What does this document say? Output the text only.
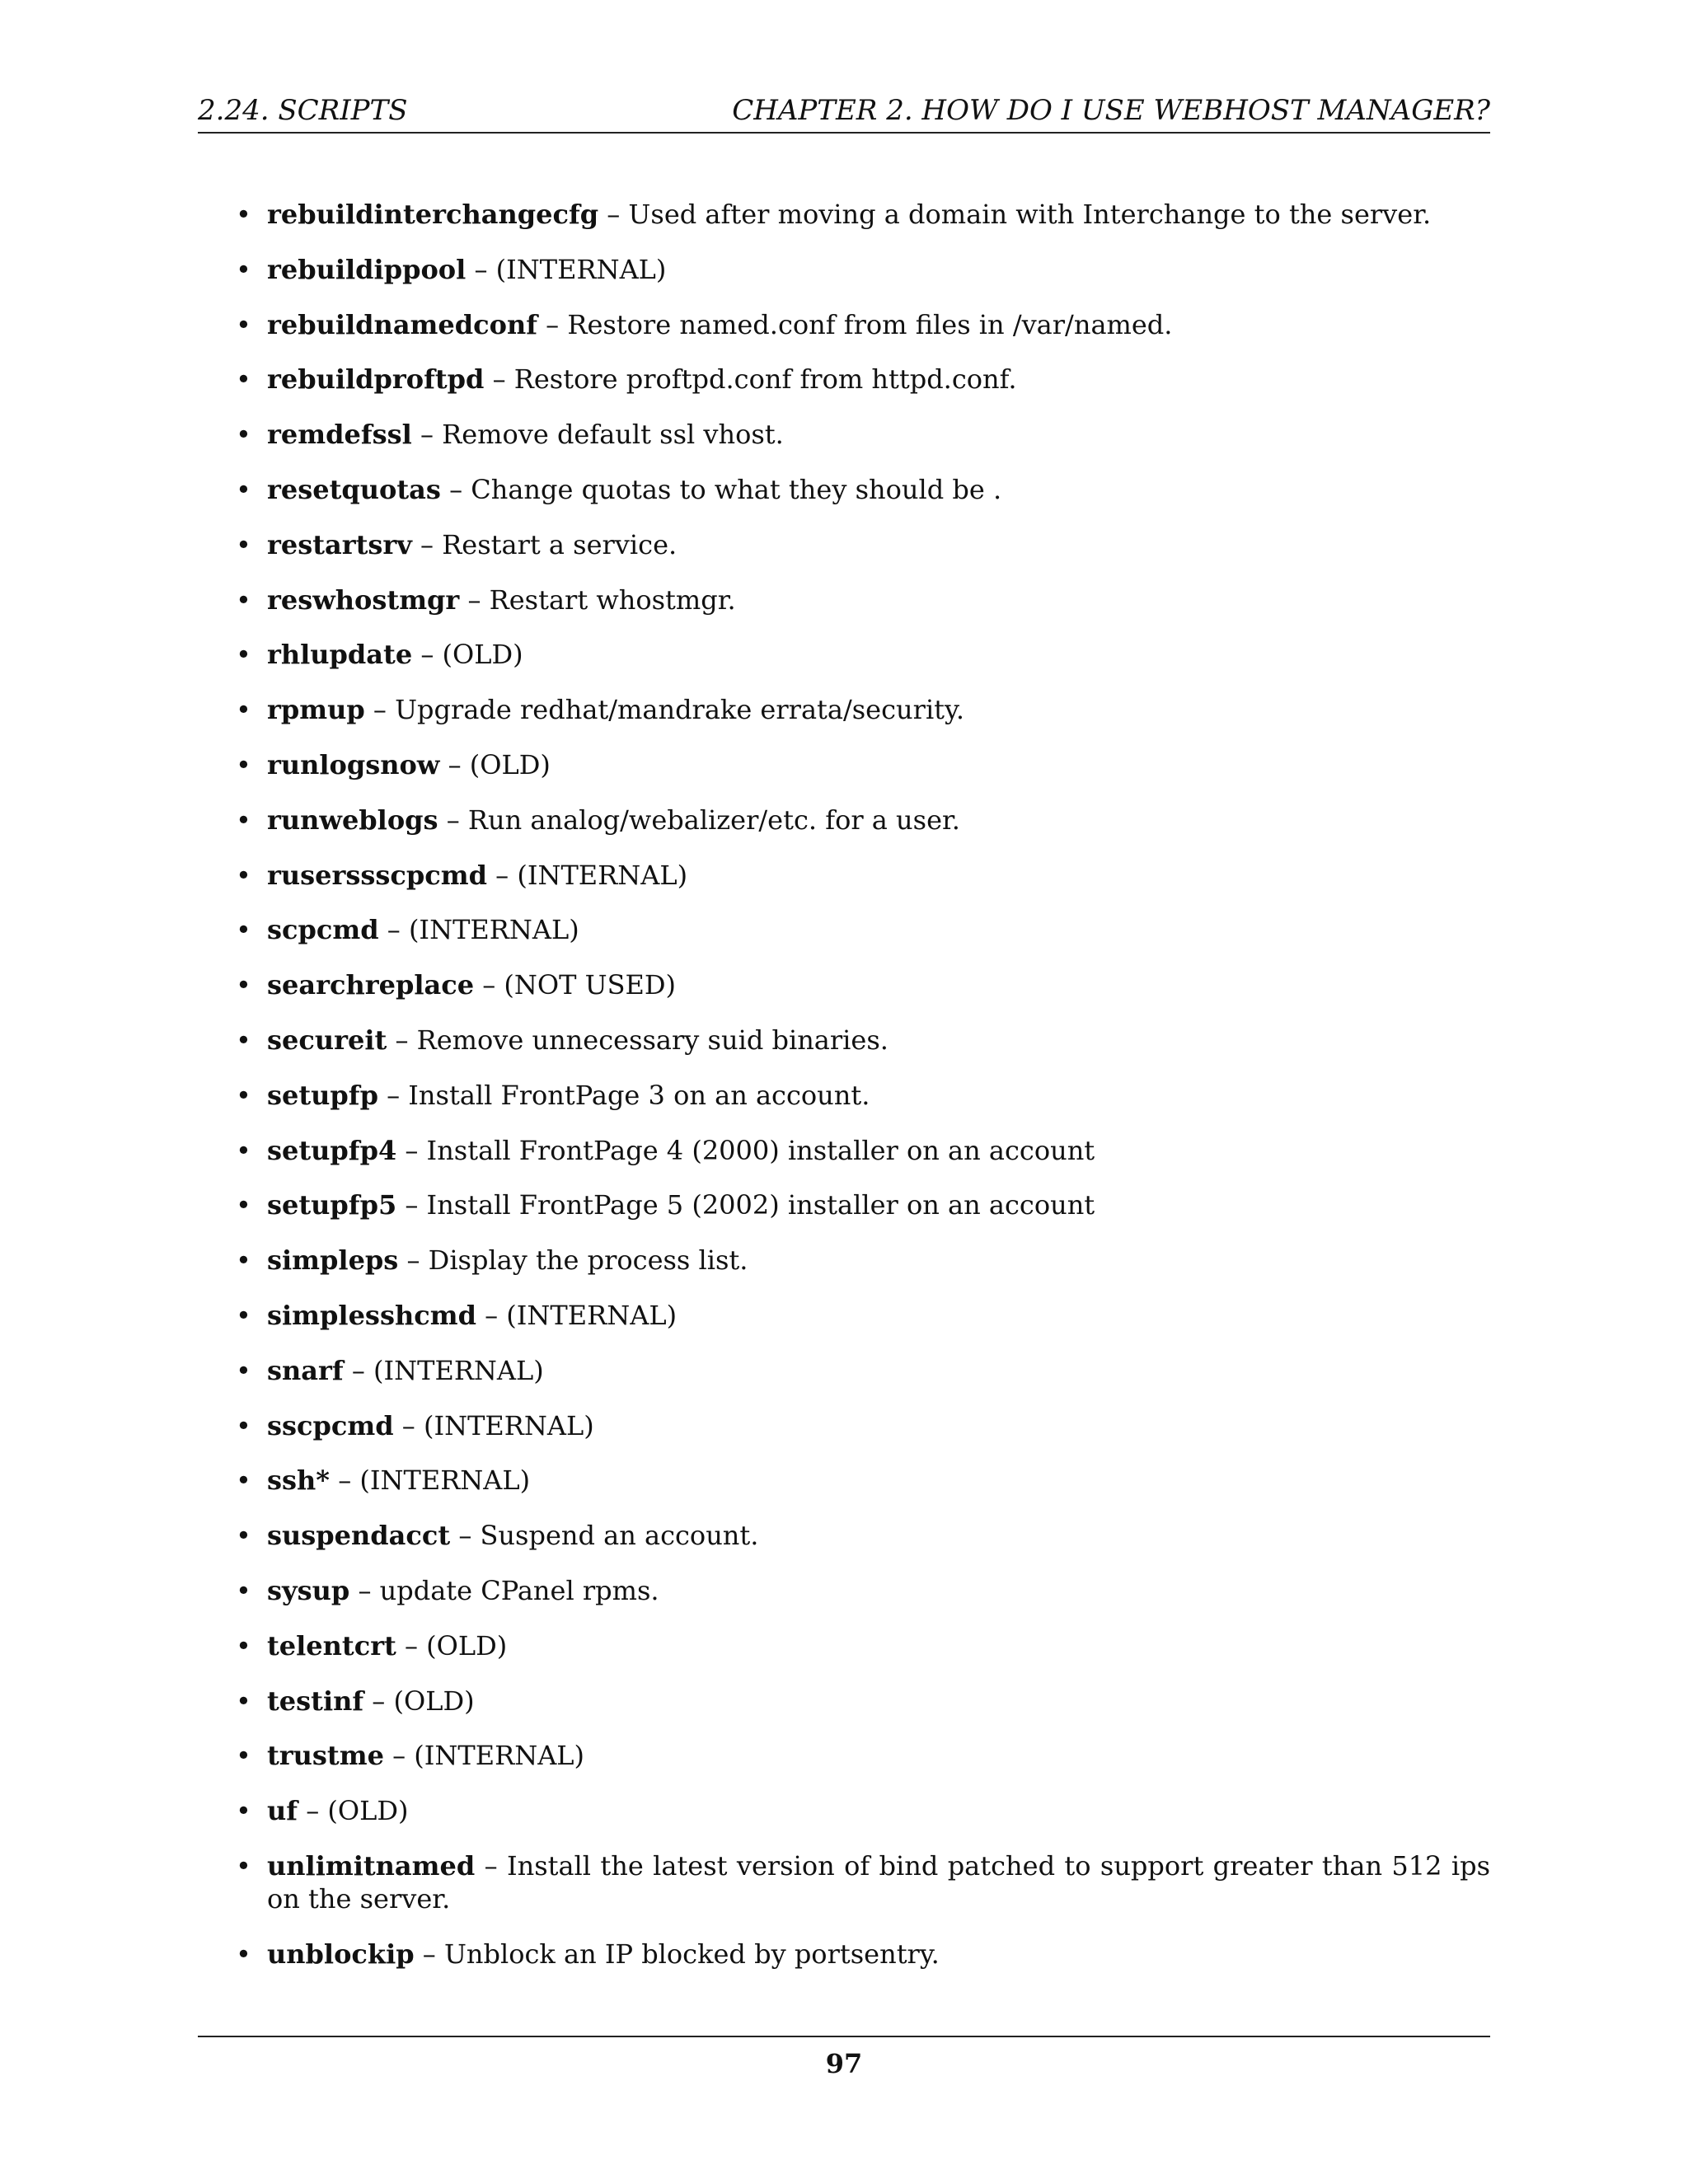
2.24. SCRIPTS	CHAPTER 2. HOW DO I USE WEBHOST MANAGER?
• rebuildinterchangecfg – Used after moving a domain with Interchange to the server.
• rebuildippool – (INTERNAL)
• rebuildnamedconf – Restore named.conf from files in /var/named.
• rebuildproftpd – Restore proftpd.conf from httpd.conf.
• remdefssl – Remove default ssl vhost.
• resetquotas – Change quotas to what they should be .
• restartsrv – Restart a service.
• reswhostmgr – Restart whostmgr.
• rhlupdate – (OLD)
• rpmup – Upgrade redhat/mandrake errata/security.
• runlogsnow – (OLD)
• runweblogs – Run analog/webalizer/etc. for a user.
• ruserssscpcmd – (INTERNAL)
• scpcmd – (INTERNAL)
• searchreplace – (NOT USED)
• secureit – Remove unnecessary suid binaries.
• setupfp – Install FrontPage 3 on an account.
• setupfp4 – Install FrontPage 4 (2000) installer on an account
• setupfp5 – Install FrontPage 5 (2002) installer on an account
• simpleps – Display the process list.
• simplesshcmd – (INTERNAL)
• snarf – (INTERNAL)
• sscpcmd – (INTERNAL)
• ssh* – (INTERNAL)
• suspendacct – Suspend an account.
• sysup – update CPanel rpms.
• telentcrt – (OLD)
• testinf – (OLD)
• trustme – (INTERNAL)
• uf – (OLD)
• unlimitnamed – Install the latest version of bind patched to support greater than 512 ips on the server.
• unblockip – Unblock an IP blocked by portsentry.
97
